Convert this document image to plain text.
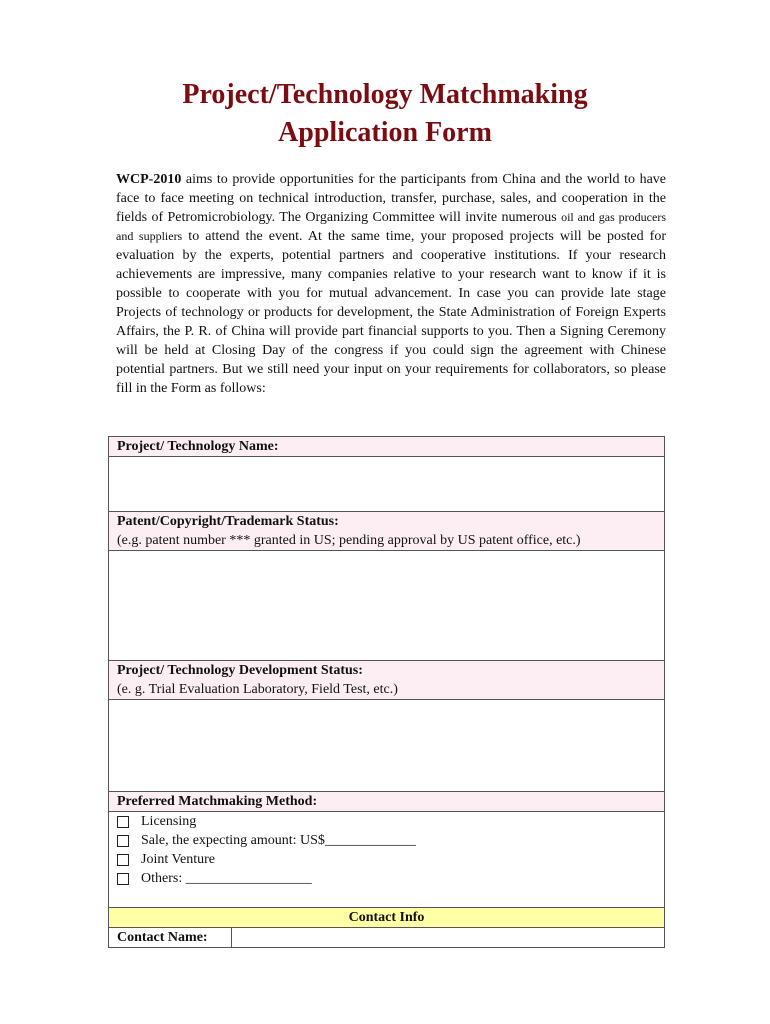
Project/Technology Matchmaking
Application Form
WCP-2010 aims to provide opportunities for the participants from China and the world to have face to face meeting on technical introduction, transfer, purchase, sales, and cooperation in the fields of Petromicrobiology. The Organizing Committee will invite numerous oil and gas producers and suppliers to attend the event. At the same time, your proposed projects will be posted for evaluation by the experts, potential partners and cooperative institutions. If your research achievements are impressive, many companies relative to your research want to know if it is possible to cooperate with you for mutual advancement. In case you can provide late stage Projects of technology or products for development, the State Administration of Foreign Experts Affairs, the P. R. of China will provide part financial supports to you. Then a Signing Ceremony will be held at Closing Day of the congress if you could sign the agreement with Chinese potential partners. But we still need your input on your requirements for collaborators, so please fill in the Form as follows:
Project/ Technology Name:

Patent/Copyright/Trademark Status:
(e.g. patent number *** granted in US; pending approval by US patent office, etc.)

Project/ Technology Development Status:
(e. g. Trial Evaluation Laboratory, Field Test, etc.)

Preferred Matchmaking Method:

Licensing
Sale, the expecting amount: US$_____________
Joint Venture
Others: __________________

Contact Info
Contact Name:	
